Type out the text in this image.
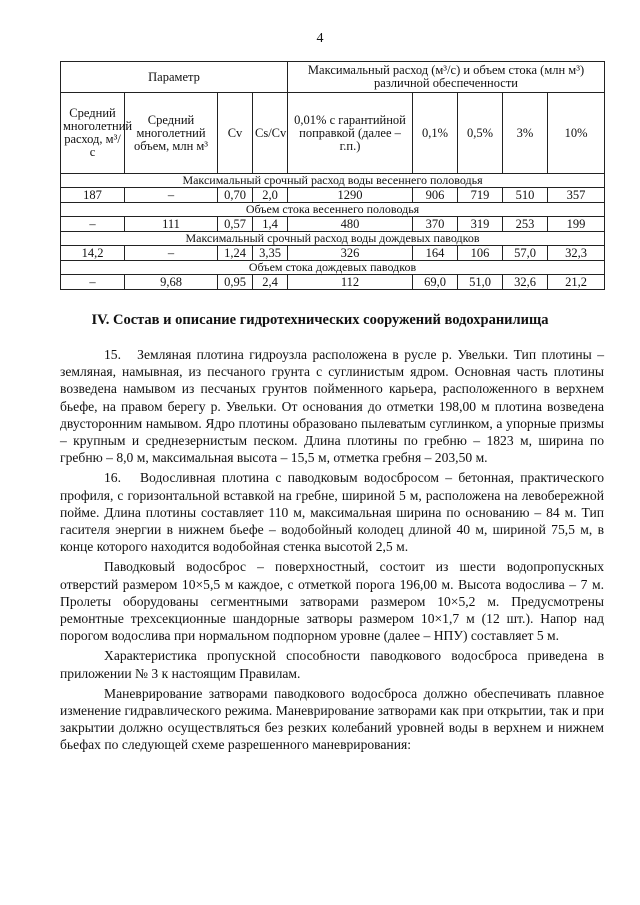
4
Параметр				Максимальный расход (м³/с) и объем стока (млн м³) различной обеспеченности				
Средний многолетний расход, м³/с	Средний многолетний объем, млн м³	Cv	Cs/Cv	0,01% с гарантийной поправкой (далее – г.п.)	0,1%	0,5%	3%	10%
Максимальный срочный расход воды весеннего половодья								
187	–	0,70	2,0	1290	906	719	510	357
Объем стока весеннего половодья								
–	111	0,57	1,4	480	370	319	253	199
Максимальный срочный расход воды дождевых паводков								
14,2	–	1,24	3,35	326	164	106	57,0	32,3
Объем стока дождевых паводков								
–	9,68	0,95	2,4	112	69,0	51,0	32,6	21,2
IV. Состав и описание гидротехнических сооружений водохранилища

15.   Земляная плотина гидроузла расположена в русле р. Увельки. Тип плотины – земляная, намывная, из песчаного грунта с суглинистым ядром. Основная часть плотины возведена намывом из песчаных грунтов пойменного карьера, расположенного в верхнем бьефе, на правом берегу р. Увельки. От основания до отметки 198,00 м плотина возведена двусторонним намывом. Ядро плотины образовано пылеватым суглинком, а упорные призмы – крупным и среднезернистым песком. Длина плотины по гребню – 1823 м, ширина по гребню – 8,0 м, максимальная высота – 15,5 м, отметка гребня – 203,50 м.

16.   Водосливная плотина с паводковым водосбросом – бетонная, практического профиля, с горизонтальной вставкой на гребне, шириной 5 м, расположена на левобережной пойме. Длина плотины составляет 110 м, максимальная ширина по основанию – 84 м. Тип гасителя энергии в нижнем бьефе – водобойный колодец длиной 40 м, шириной 75,5 м, в конце которого находится водобойная стенка высотой 2,5 м.

Паводковый водосброс – поверхностный, состоит из шести водопропускных отверстий размером 10×5,5 м каждое, с отметкой порога 196,00 м. Высота водослива – 7 м. Пролеты оборудованы сегментными затворами размером 10×5,2 м. Предусмотрены ремонтные трехсекционные шандорные затворы размером 10×1,7 м (12 шт.). Напор над порогом водослива при нормальном подпорном уровне (далее – НПУ) составляет 5 м.

Характеристика пропускной способности паводкового водосброса приведена в приложении № 3 к настоящим Правилам.

Маневрирование затворами паводкового водосброса должно обеспечивать плавное изменение гидравлического режима. Маневрирование затворами как при открытии, так и при закрытии должно осуществляться без резких колебаний уровней воды в верхнем и нижнем бьефах по следующей схеме разрешенного маневрирования:
